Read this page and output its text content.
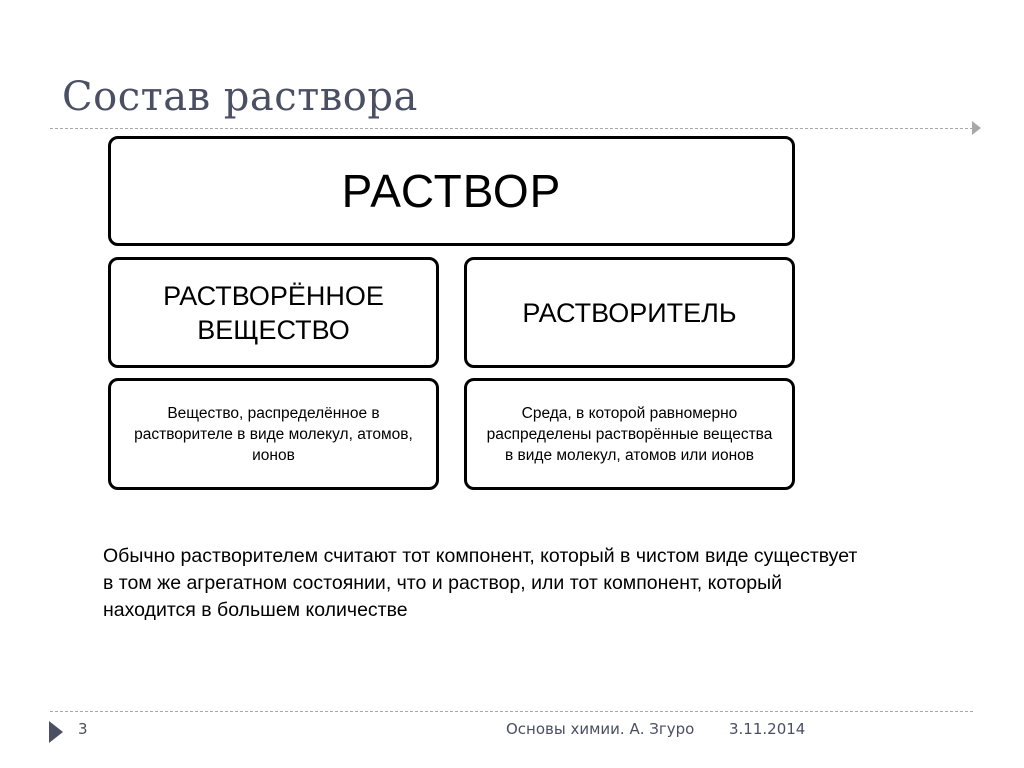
Состав раствора
РАСТВОР
РАСТВОРЁННОЕ
ВЕЩЕСТВО
РАСТВОРИТЕЛЬ
Вещество, распределённое в растворителе в виде молекул, атомов, ионов
Среда, в которой равномерно распределены растворённые вещества в виде молекул, атомов или ионов
Обычно растворителем считают тот компонент, который в чистом виде существует в том же агрегатном состоянии, что и раствор, или тот компонент, который находится в большем количестве
3	Основы химии. А. Згуро 3.11.2014
